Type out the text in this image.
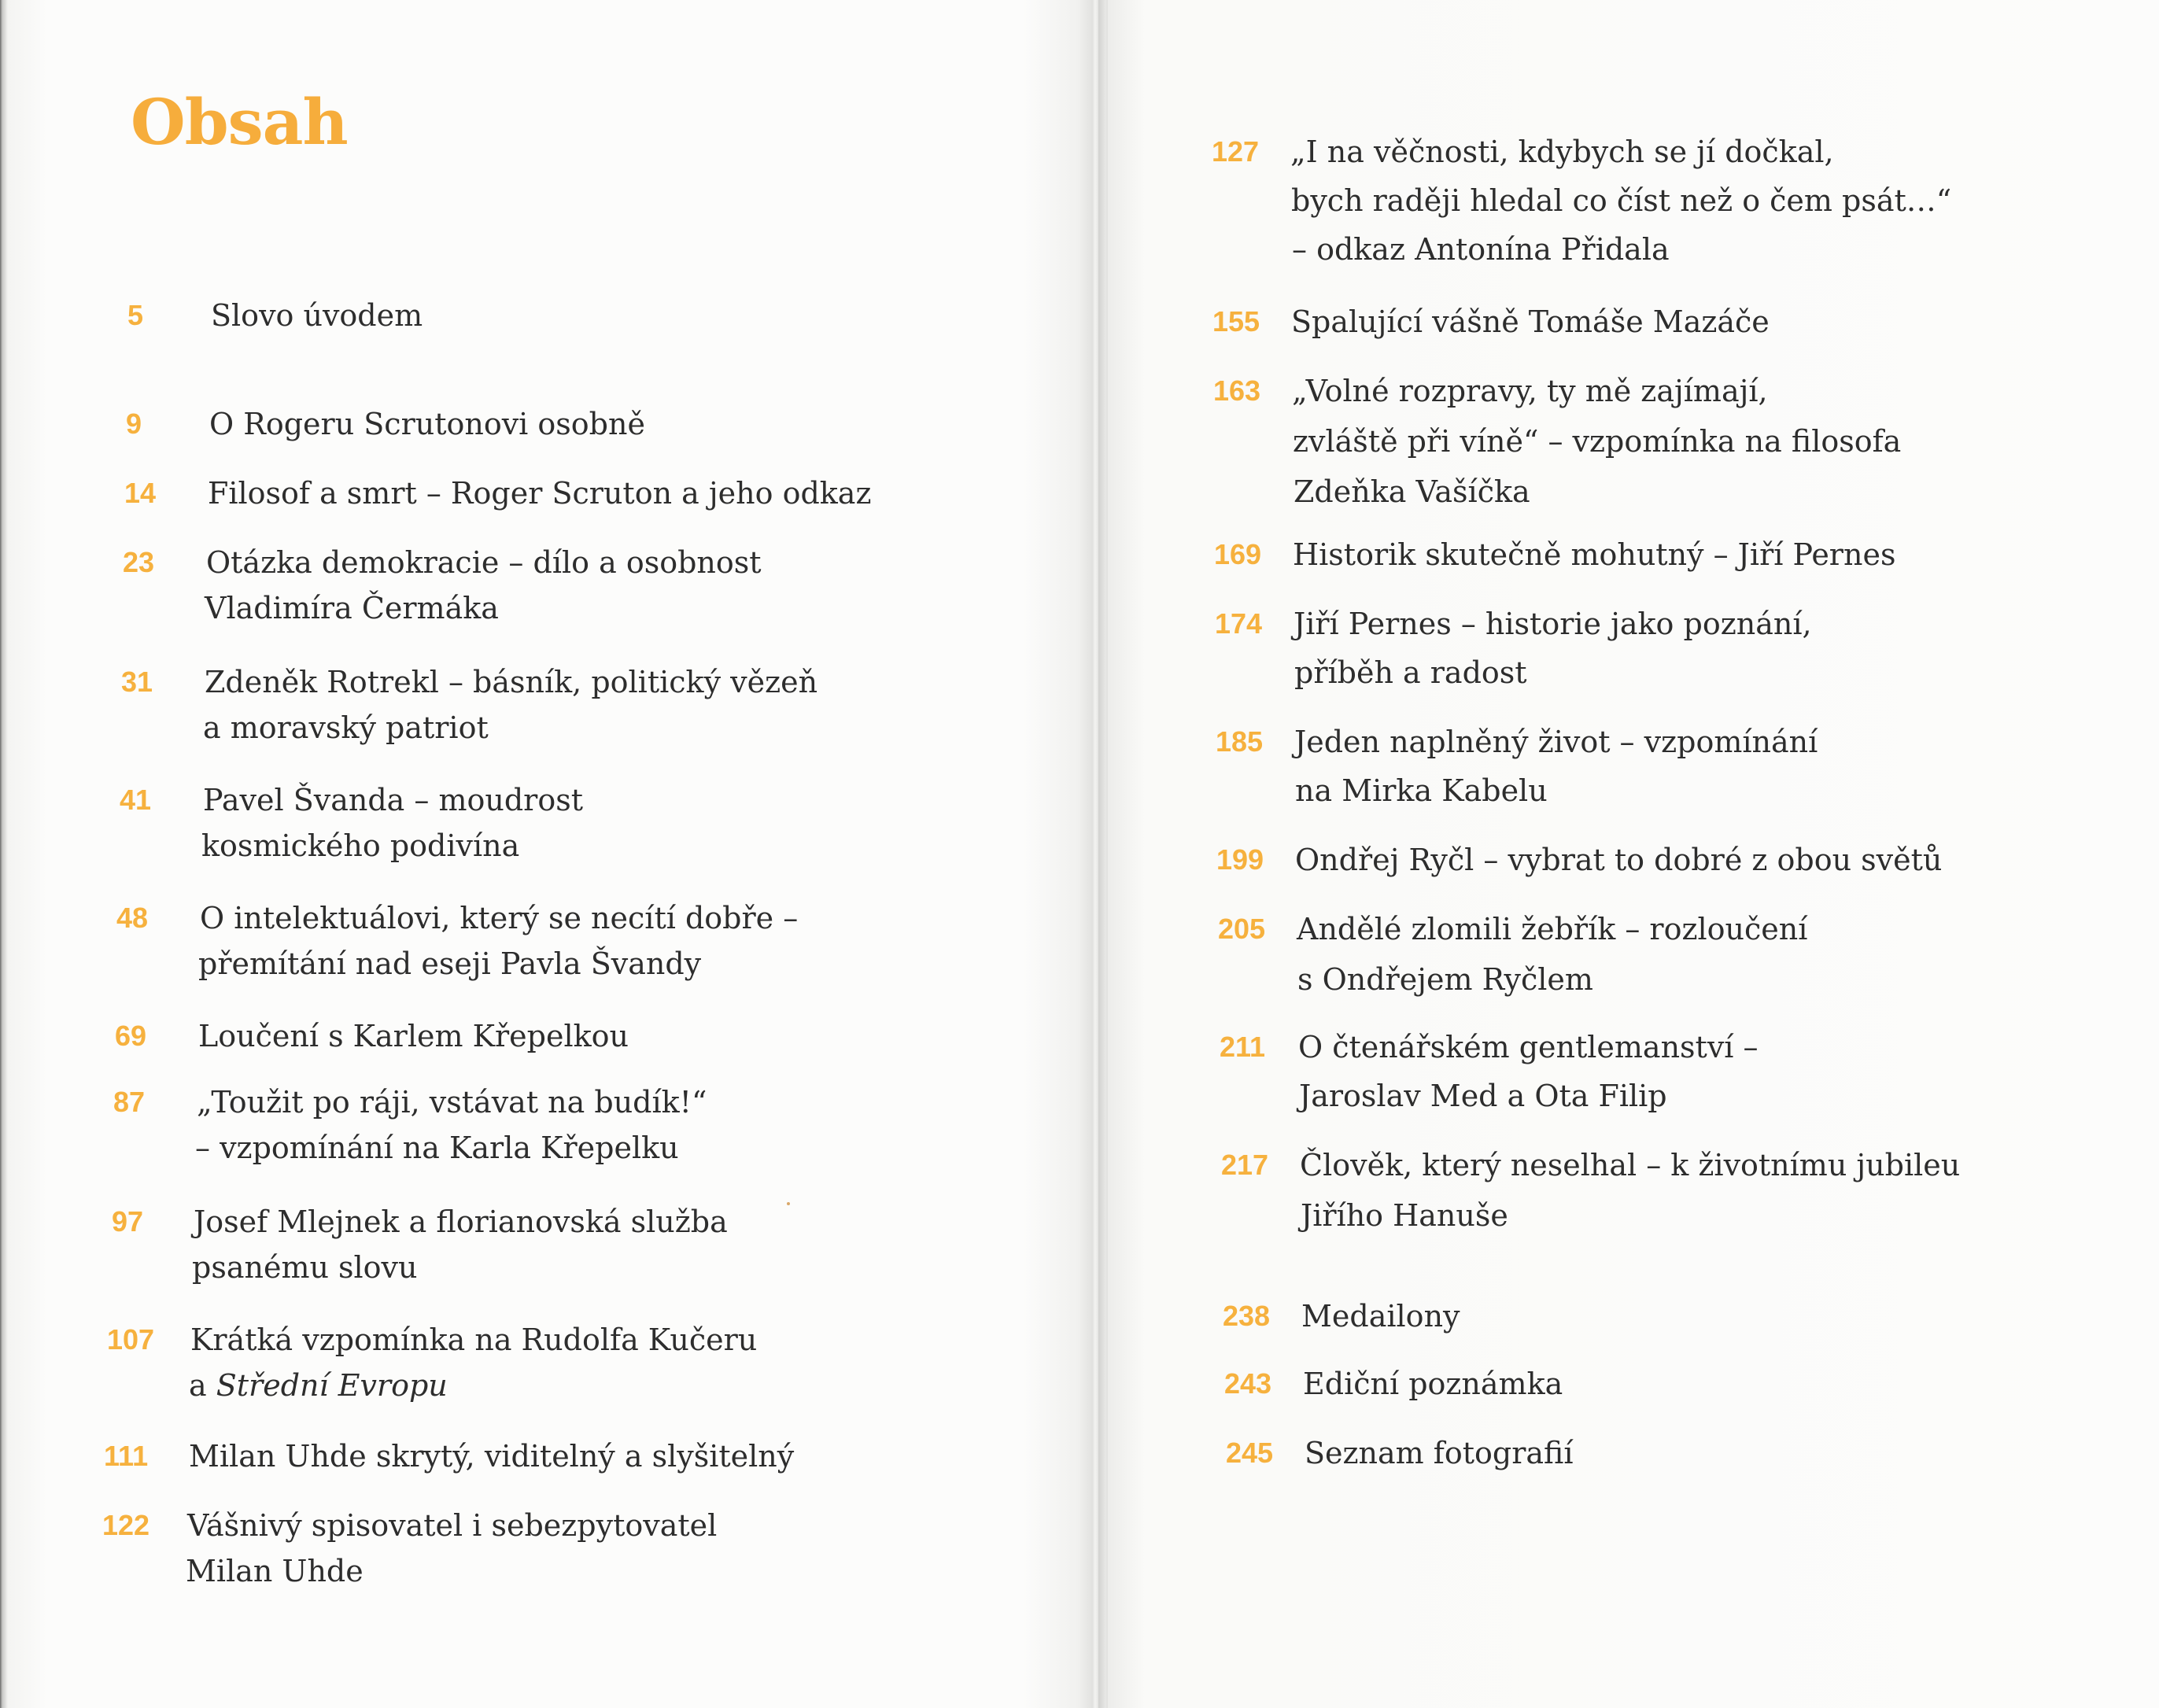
Obsah
5 Slovo úvodem
9 O Rogeru Scrutonovi osobně
14 Filosof a smrt – Roger Scruton a jeho odkaz
23 Otázka demokracie – dílo a osobnost
Vladimíra Čermáka
31 Zdeněk Rotrekl – básník, politický vězeň
a moravský patriot
41 Pavel Švanda – moudrost
kosmického podivína
48 O intelektuálovi, který se necítí dobře –
přemítání nad eseji Pavla Švandy
69 Loučení s Karlem Křepelkou
87 „Toužit po ráji, vstávat na budík!“
– vzpomínání na Karla Křepelku
97 Josef Mlejnek a florianovská služba
psanému slovu
107 Krátká vzpomínka na Rudolfa Kučeru
a Střední Evropu
111 Milan Uhde skrytý, viditelný a slyšitelný
122 Vášnivý spisovatel i sebezpytovatel
Milan Uhde
127 „I na věčnosti, kdybych se jí dočkal,
bych raději hledal co číst než o čem psát…“
– odkaz Antonína Přidala
155 Spalující vášně Tomáše Mazáče
163 „Volné rozpravy, ty mě zajímají,
zvláště při víně“ – vzpomínka na filosofa
Zdeňka Vašíčka
169 Historik skutečně mohutný – Jiří Pernes
174 Jiří Pernes – historie jako poznání,
příběh a radost
185 Jeden naplněný život – vzpomínání
na Mirka Kabelu
199 Ondřej Ryčl – vybrat to dobré z obou světů
205 Andělé zlomili žebřík – rozloučení
s Ondřejem Ryčlem
211 O čtenářském gentlemanství –
Jaroslav Med a Ota Filip
217 Člověk, který neselhal – k životnímu jubileu
Jiřího Hanuše
238 Medailony
243 Ediční poznámka
245 Seznam fotografií
